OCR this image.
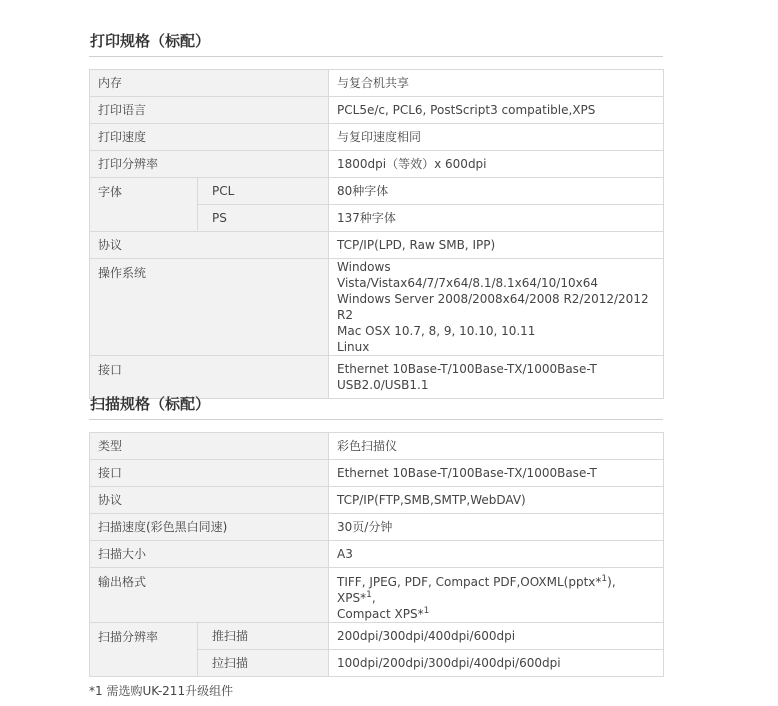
打印规格（标配）
内存		与复合机共享
打印语言		PCL5e/c, PCL6, PostScript3 compatible,XPS
打印速度		与复印速度相同
打印分辨率		1800dpi（等效）x 600dpi
字体	PCL	80种字体
	PS	137种字体
协议		TCP/IP(LPD, Raw SMB, IPP)
操作系统		Windows Vista/Vistax64/7/7x64/8.1/8.1x64/10/10x64
Windows Server 2008/2008x64/2008 R2/2012/2012 R2
Mac OSX 10.7, 8, 9, 10.10, 10.11
Linux

接口		Ethernet 10Base-T/100Base-TX/1000Base-T
USB2.0/USB1.1
扫描规格（标配）
类型		彩色扫描仪
接口		Ethernet 10Base-T/100Base-TX/1000Base-T
协议		TCP/IP(FTP,SMB,SMTP,WebDAV)
扫描速度(彩色黑白同速)		30页/分钟
扫描大小		A3
输出格式		TIFF, JPEG, PDF, Compact PDF,OOXML(pptx*$^1$), XPS*$^1$,
Compact XPS*$^1$

扫描分辨率	推扫描	200dpi/300dpi/400dpi/600dpi
	拉扫描	100dpi/200dpi/300dpi/400dpi/600dpi
*1 需选购UK-211升级组件
